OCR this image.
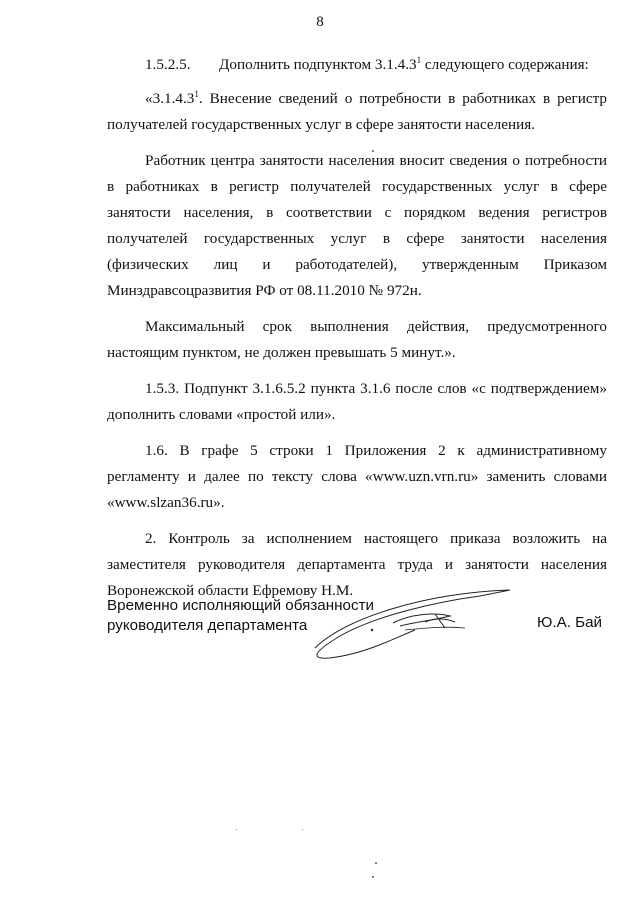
8

1.5.2.5. Дополнить подпунктом 3.1.4.3$^1$ следующего содержания:

«3.1.4.3$^1$. Внесение сведений о потребности в работниках в регистр получателей государственных услуг в сфере занятости населения.

Работник центра занятости населения вносит сведения о потребности в работниках в регистр получателей государственных услуг в сфере занятости населения, в соответствии с порядком ведения регистров получателей государственных услуг в сфере занятости населения (физических лиц и работодателей), утвержденным Приказом Минздравсоцразвития РФ от 08.11.2010 № 972н.

Максимальный срок выполнения действия, предусмотренного настоящим пунктом, не должен превышать 5 минут.».

1.5.3. Подпункт 3.1.6.5.2 пункта 3.1.6 после слов «с подтверждением» дополнить словами «простой или».

1.6. В графе 5 строки 1 Приложения 2 к административному регламенту и далее по тексту слова «www.uzn.vrn.ru» заменить словами «www.slzan36.ru».

2. Контроль за исполнением настоящего приказа возложить на заместителя руководителя департамента труда и занятости населения Воронежской области Ефремову Н.М.

Временно исполняющий обязанности
руководителя департамента	Ю.А. Бай
